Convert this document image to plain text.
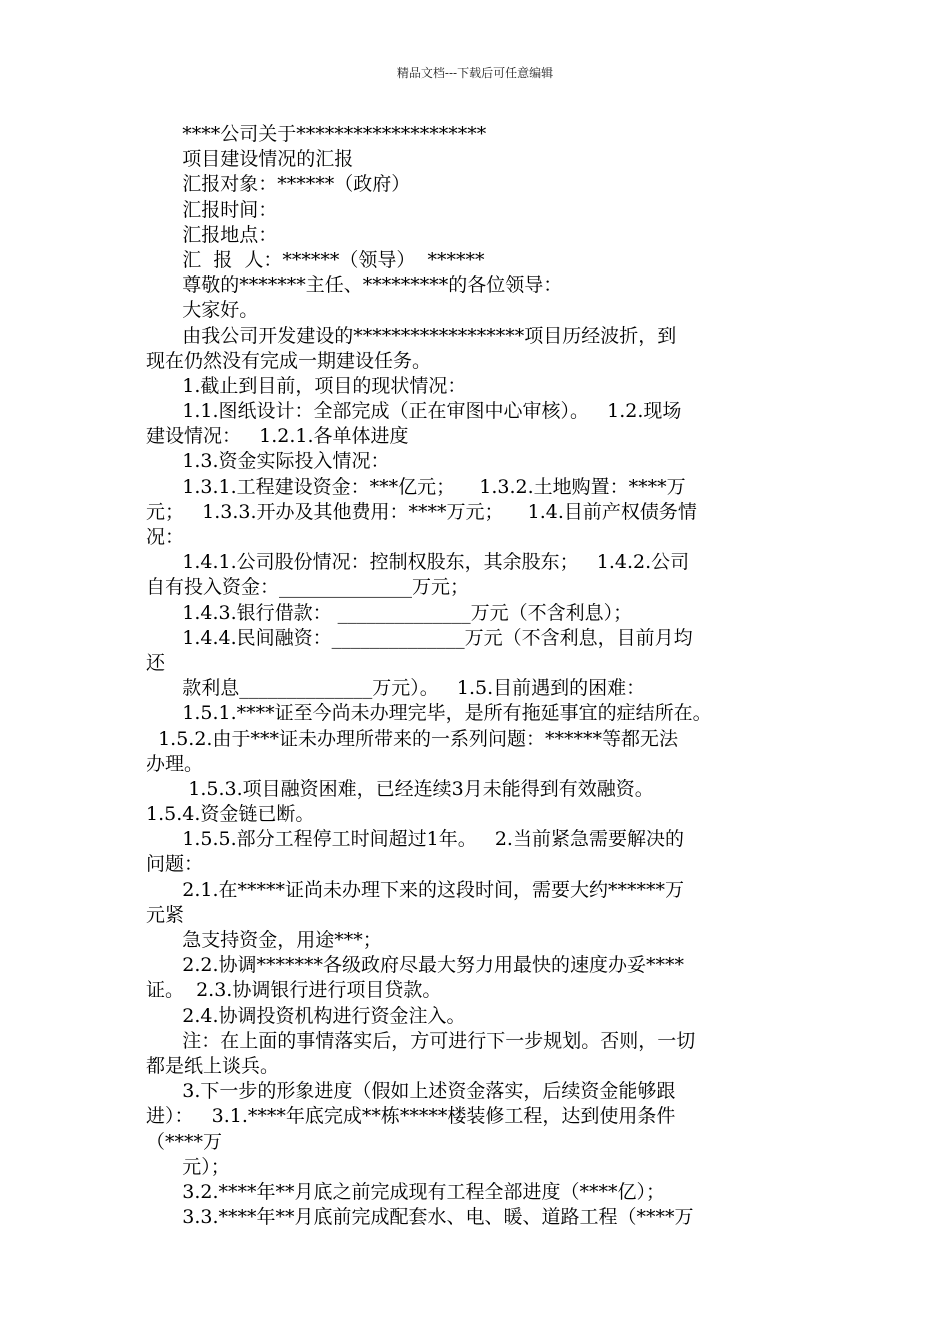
精品文档---下载后可任意编辑
****公司关于********************
项目建设情况的汇报
汇报对象：******（政府）
汇报时间：
汇报地点：
汇  报  人：******（领导）  ******
尊敬的*******主任、*********的各位领导：
大家好。
由我公司开发建设的******************项目历经波折，到
现在仍然没有完成一期建设任务。
1.截止到目前，项目的现状情况：
1.1.图纸设计：全部完成（正在审图中心审核）。   1.2.现场
建设情况：   1.2.1.各单体进度
1.3.资金实际投入情况：
1.3.1.工程建设资金：***亿元；    1.3.2.土地购置：****万
元；   1.3.3.开办及其他费用：****万元；    1.4.目前产权债务情
况：
1.4.1.公司股份情况：控制权股东，其余股东；   1.4.2.公司
自有投入资金：______________万元；
1.4.3.银行借款： ______________万元（不含利息）；
1.4.4.民间融资：______________万元（不含利息，目前月均
还
款利息______________万元）。   1.5.目前遇到的困难：
1.5.1.****证至今尚未办理完毕，是所有拖延事宜的症结所在。
1.5.2.由于***证未办理所带来的一系列问题：******等都无法
办理。
1.5.3.项目融资困难，已经连续3月未能得到有效融资。
1.5.4.资金链已断。
1.5.5.部分工程停工时间超过1年。   2.当前紧急需要解决的
问题：
2.1.在*****证尚未办理下来的这段时间，需要大约******万
元紧
急支持资金，用途***；
2.2.协调*******各级政府尽最大努力用最快的速度办妥****
证。  2.3.协调银行进行项目贷款。
2.4.协调投资机构进行资金注入。
注：在上面的事情落实后，方可进行下一步规划。否则，一切
都是纸上谈兵。
3.下一步的形象进度（假如上述资金落实，后续资金能够跟
进）：   3.1.****年底完成**栋*****楼装修工程，达到使用条件
（****万
元）；
3.2.****年**月底之前完成现有工程全部进度（****亿）；
3.3.****年**月底前完成配套水、电、暖、道路工程（****万
